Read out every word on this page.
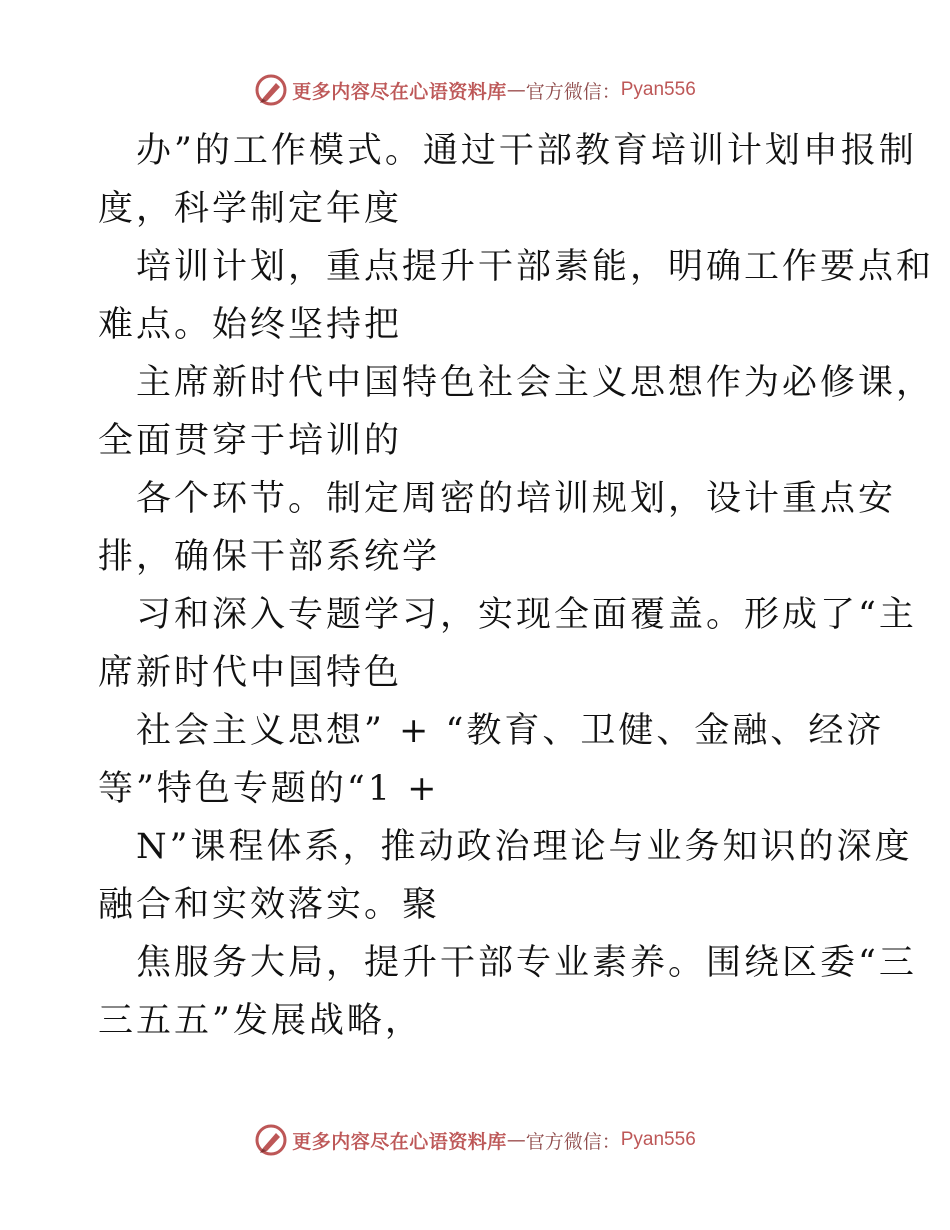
更多内容尽在心语资料库 — 官方微信： Pyan556
办”的工作模式。通过干部教育培训计划申报制
度，科学制定年度
培训计划，重点提升干部素能，明确工作要点和
难点。始终坚持把
主席新时代中国特色社会主义思想作为必修课，
全面贯穿于培训的
各个环节。制定周密的培训规划，设计重点安
排，确保干部系统学
习和深入专题学习，实现全面覆盖。形成了“主
席新时代中国特色
社会主义思想” + “教育、卫健、金融、经济
等”特色专题的“1 +
N”课程体系，推动政治理论与业务知识的深度
融合和实效落实。聚
焦服务大局，提升干部专业素养。围绕区委“三
三五五”发展战略，
更多内容尽在心语资料库 — 官方微信： Pyan556
